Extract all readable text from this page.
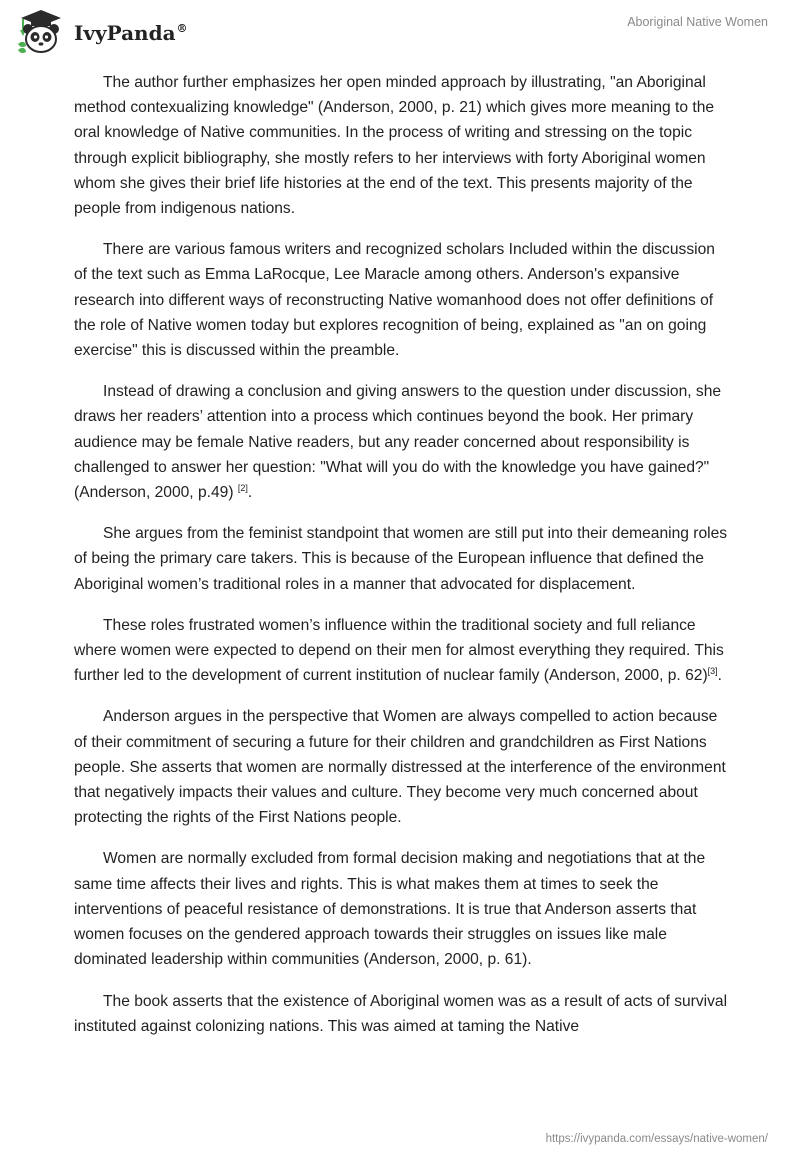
IvyPanda®	Aboriginal Native Women

The author further emphasizes her open minded approach by illustrating, "an Aboriginal method contexualizing knowledge" (Anderson, 2000, p. 21) which gives more meaning to the oral knowledge of Native communities. In the process of writing and stressing on the topic through explicit bibliography, she mostly refers to her interviews with forty Aboriginal women whom she gives their brief life histories at the end of the text. This presents majority of the people from indigenous nations.

There are various famous writers and recognized scholars Included within the discussion of the text such as Emma LaRocque, Lee Maracle among others. Anderson's expansive research into different ways of reconstructing Native womanhood does not offer definitions of the role of Native women today but explores recognition of being, explained as "an on going exercise" this is discussed within the preamble.

Instead of drawing a conclusion and giving answers to the question under discussion, she draws her readers’ attention into a process which continues beyond the book. Her primary audience may be female Native readers, but any reader concerned about responsibility is challenged to answer her question: "What will you do with the knowledge you have gained?" (Anderson, 2000, p.49) [2].

She argues from the feminist standpoint that women are still put into their demeaning roles of being the primary care takers. This is because of the European influence that defined the Aboriginal women’s traditional roles in a manner that advocated for displacement.

These roles frustrated women’s influence within the traditional society and full reliance where women were expected to depend on their men for almost everything they required. This further led to the development of current institution of nuclear family (Anderson, 2000, p. 62)[3].

Anderson argues in the perspective that Women are always compelled to action because of their commitment of securing a future for their children and grandchildren as First Nations people. She asserts that women are normally distressed at the interference of the environment that negatively impacts their values and culture. They become very much concerned about protecting the rights of the First Nations people.

Women are normally excluded from formal decision making and negotiations that at the same time affects their lives and rights. This is what makes them at times to seek the interventions of peaceful resistance of demonstrations. It is true that Anderson asserts that women focuses on the gendered approach towards their struggles on issues like male dominated leadership within communities (Anderson, 2000, p. 61).

The book asserts that the existence of Aboriginal women was as a result of acts of survival instituted against colonizing nations. This was aimed at taming the Native

https://ivypanda.com/essays/native-women/
